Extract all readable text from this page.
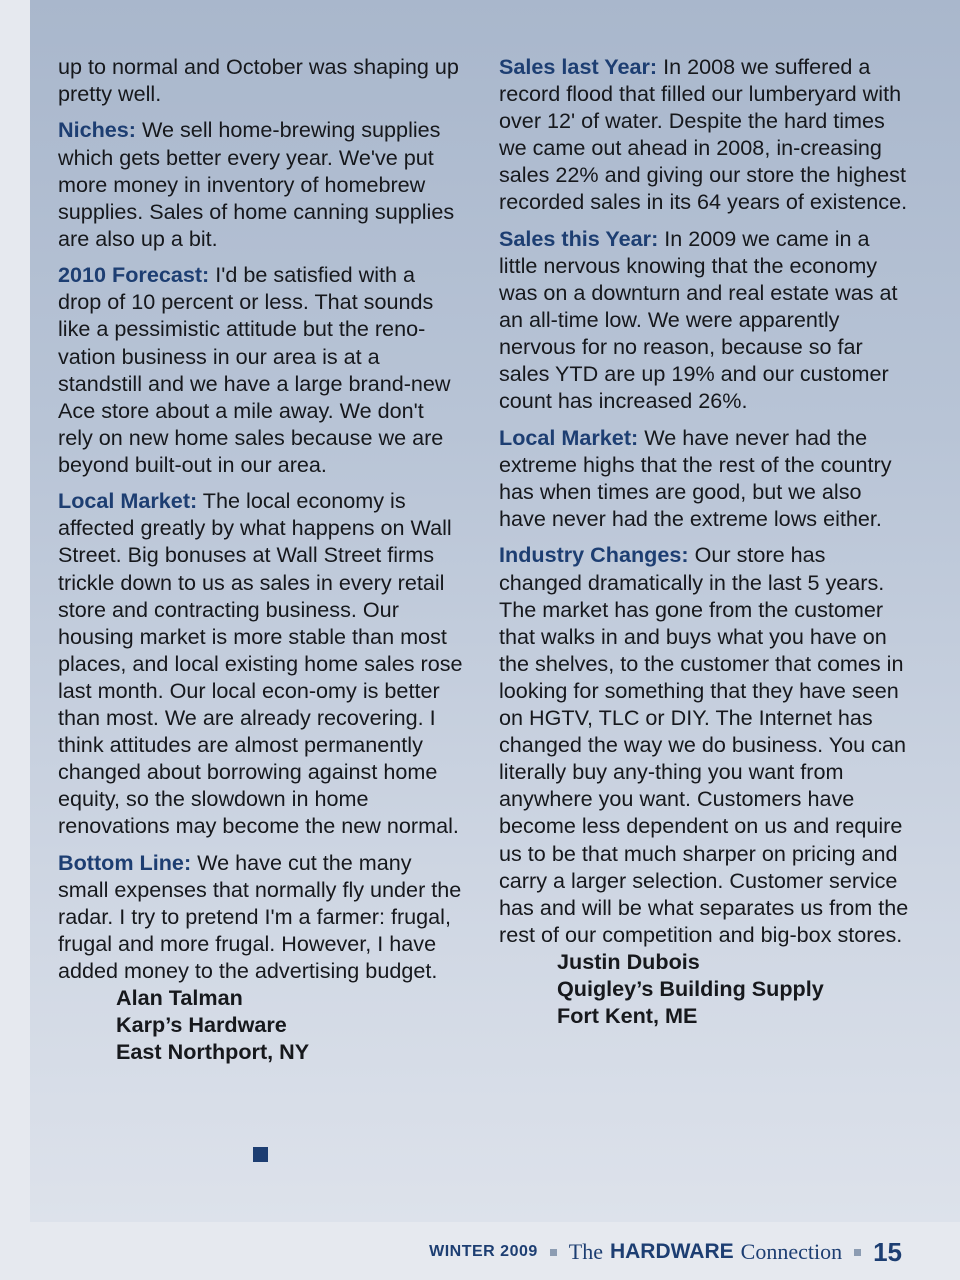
up to normal and October was shaping up pretty well.

Niches: We sell home-brewing supplies which gets better every year. We've put more money in inventory of homebrew supplies. Sales of home canning supplies are also up a bit.

2010 Forecast: I'd be satisfied with a drop of 10 percent or less. That sounds like a pessimistic attitude but the reno-vation business in our area is at a standstill and we have a large brand-new Ace store about a mile away. We don't rely on new home sales because we are beyond built-out in our area.

Local Market: The local economy is affected greatly by what happens on Wall Street. Big bonuses at Wall Street firms trickle down to us as sales in every retail store and contracting business. Our housing market is more stable than most places, and local existing home sales rose last month. Our local econ-omy is better than most. We are already recovering. I think attitudes are almost permanently changed about borrowing against home equity, so the slowdown in home renovations may become the new normal.

Bottom Line: We have cut the many small expenses that normally fly under the radar. I try to pretend I'm a farmer: frugal, frugal and more frugal. However, I have added money to the advertising budget.

Alan Talman

Karp’s Hardware

East Northport, NY

Sales last Year: In 2008 we suffered a record flood that filled our lumberyard with over 12' of water. Despite the hard times we came out ahead in 2008, in-creasing sales 22% and giving our store the highest recorded sales in its 64 years of existence.

Sales this Year: In 2009 we came in a little nervous knowing that the economy was on a downturn and real estate was at an all-time low. We were apparently nervous for no reason, because so far sales YTD are up 19% and our customer count has increased 26%.

Local Market: We have never had the extreme highs that the rest of the country has when times are good, but we also have never had the extreme lows either.

Industry Changes: Our store has changed dramatically in the last 5 years. The market has gone from the customer that walks in and buys what you have on the shelves, to the customer that comes in looking for something that they have seen on HGTV, TLC or DIY. The Internet has changed the way we do business. You can literally buy any-thing you want from anywhere you want. Customers have become less dependent on us and require us to be that much sharper on pricing and carry a larger selection. Customer service has and will be what separates us from the rest of our competition and big-box stores.

Justin Dubois

Quigley’s Building Supply

Fort Kent, ME

WINTER 2009 The HARDWARE Connection 15
